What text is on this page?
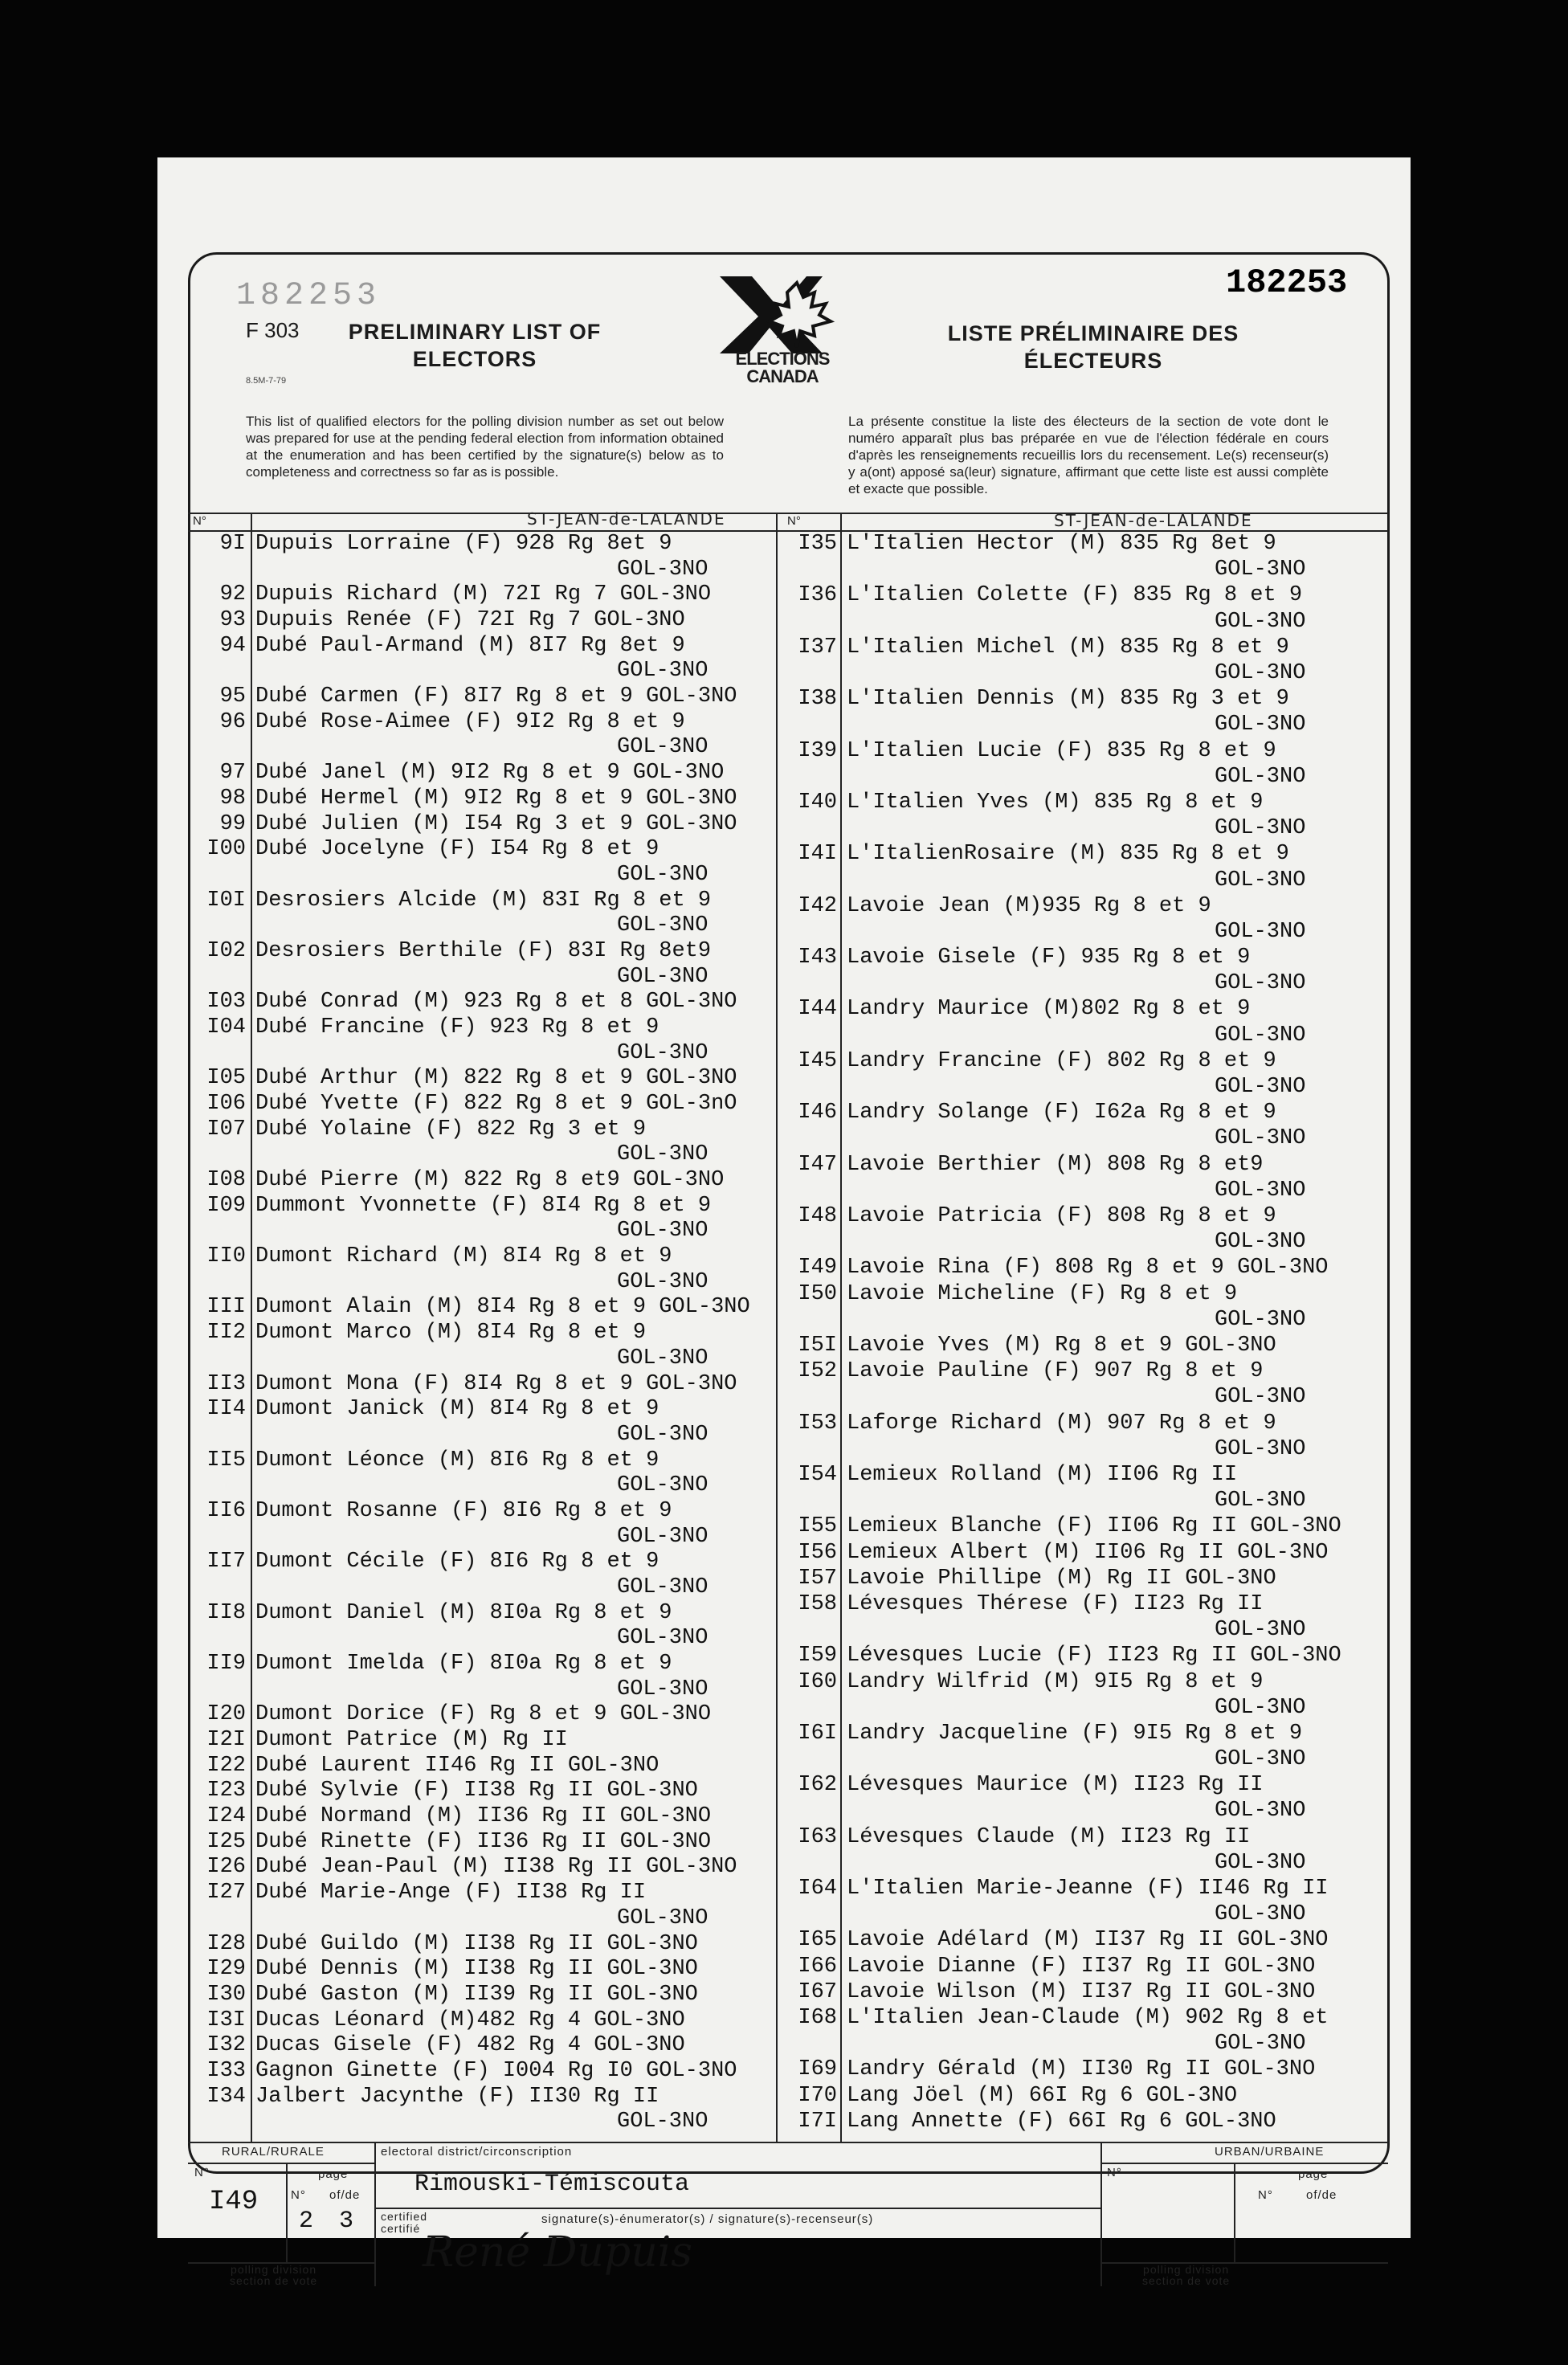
182253	182253
F 303
8.5M-7-79
PRELIMINARY LIST OF
ELECTORS
LISTE PRÉLIMINAIRE DES
ÉLECTEURS
ELECTIONS
CANADA
This list of qualified electors for the polling division number as set out below was prepared for use at the pending federal election from information obtained at the enumeration and has been certified by the signature(s) below as to completeness and correctness so far as is possible.
La présente constitue la liste des électeurs de la section de vote dont le numéro apparaît plus bas préparée en vue de l'élection fédérale en cours d'après les renseignements recueillis lors du recensement. Le(s) recenseur(s) y a(ont) apposé sa(leur) signature, affirmant que cette liste est aussi complète et exacte que possible.
N°	N°
ST-JEAN-de-LALANDE	ST-JEAN-de-LALANDE
9I Dupuis Lorraine (F) 928 Rg 8et 9
GOL-3NO
92 Dupuis Richard (M) 72I Rg 7 GOL-3NO
93 Dupuis Renée (F) 72I Rg 7 GOL-3NO
94 Dubé Paul-Armand (M) 8I7 Rg 8et 9
GOL-3NO
95 Dubé Carmen (F) 8I7 Rg 8 et 9 GOL-3NO
96 Dubé Rose-Aimee (F) 9I2 Rg 8 et 9
GOL-3NO
97 Dubé Janel (M) 9I2 Rg 8 et 9 GOL-3NO
98 Dubé Hermel (M) 9I2 Rg 8 et 9 GOL-3NO
99 Dubé Julien (M) I54 Rg 3 et 9 GOL-3NO
I00 Dubé Jocelyne (F) I54 Rg 8 et 9
GOL-3NO
I0I Desrosiers Alcide (M) 83I Rg 8 et 9
GOL-3NO
I02 Desrosiers Berthile (F) 83I Rg 8et9
GOL-3NO
I03 Dubé Conrad (M) 923 Rg 8 et 8 GOL-3NO
I04 Dubé Francine (F) 923 Rg 8 et 9
GOL-3NO
I05 Dubé Arthur (M) 822 Rg 8 et 9 GOL-3NO
I06 Dubé Yvette (F) 822 Rg 8 et 9 GOL-3nO
I07 Dubé Yolaine (F) 822 Rg 3 et 9
GOL-3NO
I08 Dubé Pierre (M) 822 Rg 8 et9 GOL-3NO
I09 Dummont Yvonnette (F) 8I4 Rg 8 et 9
GOL-3NO
II0 Dumont Richard (M) 8I4 Rg 8 et 9
GOL-3NO
III Dumont Alain (M) 8I4 Rg 8 et 9 GOL-3NO
II2 Dumont Marco (M) 8I4 Rg 8 et 9
GOL-3NO
II3 Dumont Mona (F) 8I4 Rg 8 et 9 GOL-3NO
II4 Dumont Janick (M) 8I4 Rg 8 et 9
GOL-3NO
II5 Dumont Léonce (M) 8I6 Rg 8 et 9
GOL-3NO
II6 Dumont Rosanne (F) 8I6 Rg 8 et 9
GOL-3NO
II7 Dumont Cécile (F) 8I6 Rg 8 et 9
GOL-3NO
II8 Dumont Daniel (M) 8I0a Rg 8 et 9
GOL-3NO
II9 Dumont Imelda (F) 8I0a Rg 8 et 9
GOL-3NO
I20 Dumont Dorice (F) Rg 8 et 9 GOL-3NO
I2I Dumont Patrice (M) Rg II
I22 Dubé Laurent II46 Rg II GOL-3NO
I23 Dubé Sylvie (F) II38 Rg II GOL-3NO
I24 Dubé Normand (M) II36 Rg II GOL-3NO
I25 Dubé Rinette (F) II36 Rg II GOL-3NO
I26 Dubé Jean-Paul (M) II38 Rg II GOL-3NO
I27 Dubé Marie-Ange (F) II38 Rg II
GOL-3NO
I28 Dubé Guildo (M) II38 Rg II GOL-3NO
I29 Dubé Dennis (M) II38 Rg II GOL-3NO
I30 Dubé Gaston (M) II39 Rg II GOL-3NO
I3I Ducas Léonard (M)482 Rg 4 GOL-3NO
I32 Ducas Gisele (F) 482 Rg 4 GOL-3NO
I33 Gagnon Ginette (F) I004 Rg I0 GOL-3NO
I34 Jalbert Jacynthe (F) II30 Rg II
GOL-3NO
I35 L'Italien Hector (M) 835 Rg 8et 9
GOL-3NO
I36 L'Italien Colette (F) 835 Rg 8 et 9
GOL-3NO
I37 L'Italien Michel (M) 835 Rg 8 et 9
GOL-3NO
I38 L'Italien Dennis (M) 835 Rg 3 et 9
GOL-3NO
I39 L'Italien Lucie (F) 835 Rg 8 et 9
GOL-3NO
I40 L'Italien Yves (M) 835 Rg 8 et 9
GOL-3NO
I4I L'ItalienRosaire (M) 835 Rg 8 et 9
GOL-3NO
I42 Lavoie Jean (M)935 Rg 8 et 9
GOL-3NO
I43 Lavoie Gisele (F) 935 Rg 8 et 9
GOL-3NO
I44 Landry Maurice (M)802 Rg 8 et 9
GOL-3NO
I45 Landry Francine (F) 802 Rg 8 et 9
GOL-3NO
I46 Landry Solange (F) I62a Rg 8 et 9
GOL-3NO
I47 Lavoie Berthier (M) 808 Rg 8 et9
GOL-3NO
I48 Lavoie Patricia (F) 808 Rg 8 et 9
GOL-3NO
I49 Lavoie Rina (F) 808 Rg 8 et 9 GOL-3NO
I50 Lavoie Micheline (F) Rg 8 et 9
GOL-3NO
I5I Lavoie Yves (M) Rg 8 et 9 GOL-3NO
I52 Lavoie Pauline (F) 907 Rg 8 et 9
GOL-3NO
I53 Laforge Richard (M) 907 Rg 8 et 9
GOL-3NO
I54 Lemieux Rolland (M) II06 Rg II
GOL-3NO
I55 Lemieux Blanche (F) II06 Rg II GOL-3NO
I56 Lemieux Albert (M) II06 Rg II GOL-3NO
I57 Lavoie Phillipe (M) Rg II GOL-3NO
I58 Lévesques Thérese (F) II23 Rg II
GOL-3NO
I59 Lévesques Lucie (F) II23 Rg II GOL-3NO
I60 Landry Wilfrid (M) 9I5 Rg 8 et 9
GOL-3NO
I6I Landry Jacqueline (F) 9I5 Rg 8 et 9
GOL-3NO
I62 Lévesques Maurice (M) II23 Rg II
GOL-3NO
I63 Lévesques Claude (M) II23 Rg II
GOL-3NO
I64 L'Italien Marie-Jeanne (F) II46 Rg II
GOL-3NO
I65 Lavoie Adélard (M) II37 Rg II GOL-3NO
I66 Lavoie Dianne (F) II37 Rg II GOL-3NO
I67 Lavoie Wilson (M) II37 Rg II GOL-3NO
I68 L'Italien Jean-Claude (M) 902 Rg 8 et
GOL-3NO
I69 Landry Gérald (M) II30 Rg II GOL-3NO
I70 Lang Jöel (M) 66I Rg 6 GOL-3NO
I7I Lang Annette (F) 66I Rg 6 GOL-3NO
RURAL/RURALE
N°
I49
page
N° of/de
2 3
polling division
section de vote
electoral district/circonscription
Rimouski-Témiscouta
certified
certifié
signature(s)-énumerator(s) / signature(s)-recenseur(s)
René Dupuis
URBAN/URBAINE
N°	page
N°	of/de
polling division
section de vote
